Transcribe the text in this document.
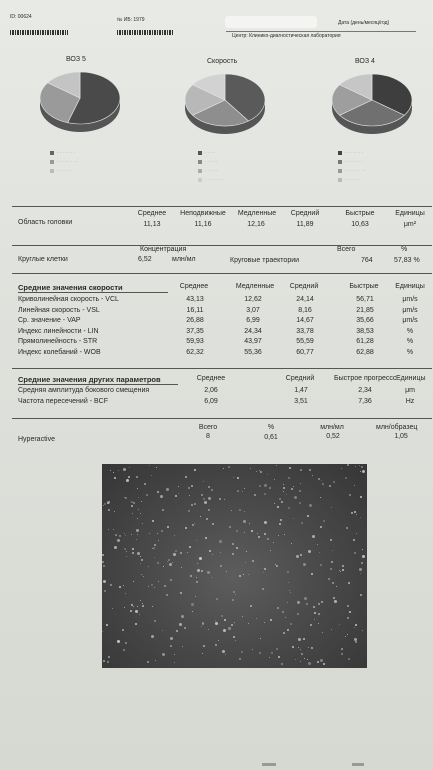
ID: 00624	№ ИБ: 1979	Дата (день/месяц/год)
Центр: Клинико-диагностическая лаборатория
ВОЗ 5	Скорость	ВОЗ 4
· · · · · · ·
· · · · · · · ·
· · · · · ·
· · · ·
· · · · ·
· · · · ·
· · · · · · ·
· · · · · · ·
· · · · · · ·
· · · · · · · ·
· · · · · · ·
Среднее	Неподвижные	Медленные	Средний	Быстрые	Единицы
Область головки	11,13	11,16	12,16	11,89	10,63	μm²
Концентрация	Всего	%
Круглые клетки	6,52	млн/мл	Круговые траектории	764	57,83 %
Средние значения скорости	Среднее	Медленные	Средний	Быстрые	Единицы
Криволинейная скорость - VCL	43,13	12,62	24,14	56,71	μm/s
Линейная скорость - VSL	16,11	3,07	8,16	21,85	μm/s
Ср. значение - VAP	26,88	6,99	14,67	35,66	μm/s
Индекс линейности - LIN	37,35	24,34	33,78	38,53	%
Прямолинейность - STR	59,93	43,97	55,59	61,28	%
Индекс колебаний - WOB	62,32	55,36	60,77	62,88	%
Средние значения других параметров	Среднее	Средний	Быстрое прогрессс Единицы
Средняя амплитуда бокового смещения	2,06	1,47	2,34	μm
Частота пересечений - BCF	6,09	3,51	7,36	Hz
Всего	%	млн/мл	млн/образец
Hyperactive	8	0,61	0,52	1,05
